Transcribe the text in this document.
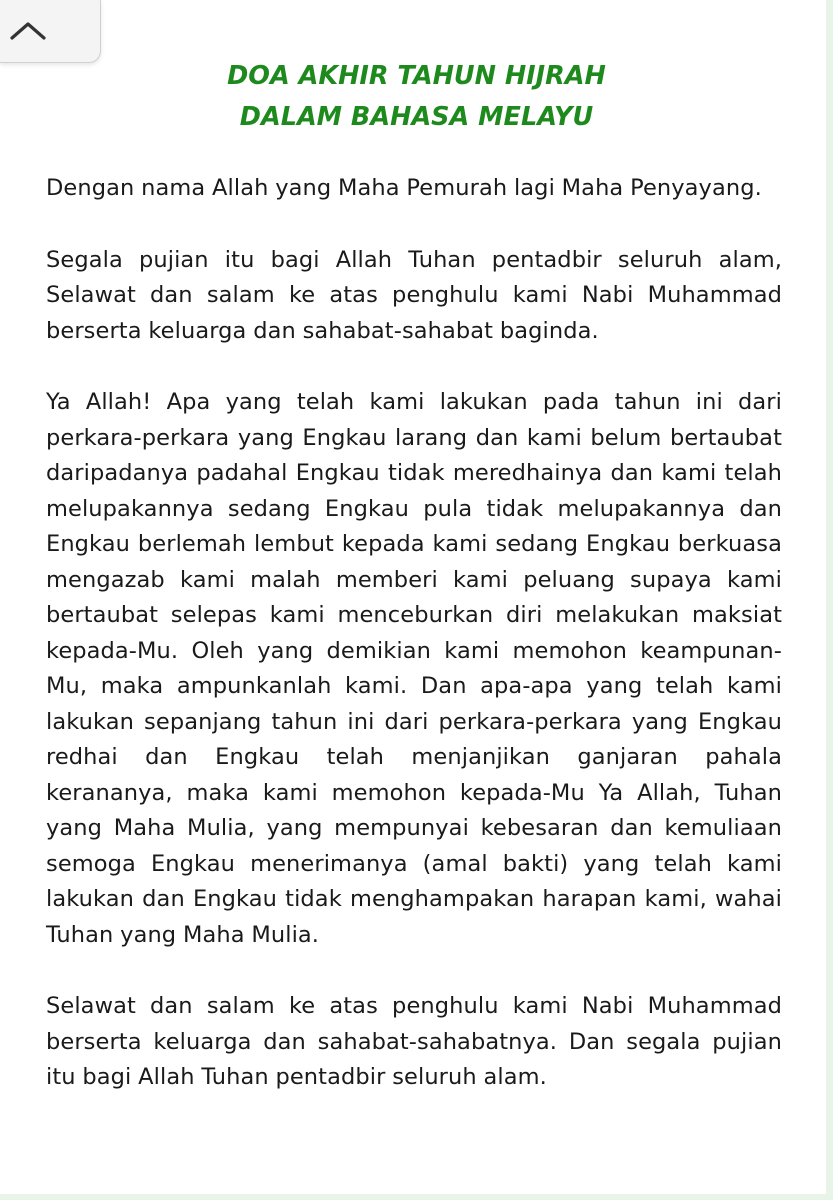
DOA AKHIR TAHUN HIJRAH
DALAM BAHASA MELAYU

Dengan nama Allah yang Maha Pemurah lagi Maha Penyayang.

Segala pujian itu bagi Allah Tuhan pentadbir seluruh alam, Selawat dan salam ke atas penghulu kami Nabi Muhammad berserta keluarga dan sahabat-sahabat baginda.

Ya Allah! Apa yang telah kami lakukan pada tahun ini dari perkara-perkara yang Engkau larang dan kami belum bertaubat daripadanya padahal Engkau tidak meredhainya dan kami telah melupakannya sedang Engkau pula tidak melupakannya dan Engkau berlemah lembut kepada kami sedang Engkau berkuasa mengazab kami malah memberi kami peluang supaya kami bertaubat selepas kami menceburkan diri melakukan maksiat kepada-Mu. Oleh yang demikian kami memohon keampunan-Mu, maka ampunkanlah kami. Dan apa-apa yang telah kami lakukan sepanjang tahun ini dari perkara-perkara yang Engkau redhai dan Engkau telah menjanjikan ganjaran pahala kerananya, maka kami memohon kepada-Mu Ya Allah, Tuhan yang Maha Mulia, yang mempunyai kebesaran dan kemuliaan semoga Engkau menerimanya (amal bakti) yang telah kami lakukan dan Engkau tidak menghampakan harapan kami, wahai Tuhan yang Maha Mulia.

Selawat dan salam ke atas penghulu kami Nabi Muhammad berserta keluarga dan sahabat-sahabatnya. Dan segala pujian itu bagi Allah Tuhan pentadbir seluruh alam.
